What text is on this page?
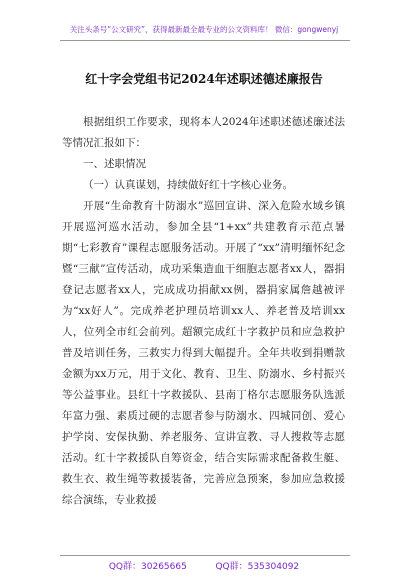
关注头条号“公文研究”，获得最新最全最专业的公文资料库！ 微信：gongwenyj
红十字会党组书记2024年述职述德述廉报告

根据组织工作要求，现将本人2024年述职述德述廉述法等情况汇报如下：

一、述职情况

（一）认真谋划，持续做好红十字核心业务。

开展“生命教育十防溺水”巡回宣讲、深入危险水域乡镇开展巡河巡水活动，参加全县“1+xx”共建教育示范点暑期“七彩教育”课程志愿服务活动。开展了“xx”清明缅怀纪念暨“三献”宣传活动，成功采集造血干细胞志愿者xx人，器捐登记志愿者xx人，完成成功捐献xx例，器捐家属詹越被评为“xx好人”。完成养老护理员培训xx人、养老普及培训xx人，位列全市红会前列。超额完成红十字救护员和应急救护普及培训任务，三救实力得到大幅提升。全年共收到捐赠款金额为xx万元，用于文化、教育、卫生、防溺水、乡村振兴等公益事业。县红十字救援队、县南丁格尔志愿服务队选派年富力强、素质过硬的志愿者参与防溺水、四城同创、爱心护学岗、安保执勤、养老服务、宣讲宣教、寻人搜救等志愿活动。红十字救援队自筹资金，结合实际需求配备救生艇、救生衣、救生绳等救援装备，完善应急预案，参加应急救援综合演练，专业救援

QQ群：30265665	QQ群：535304092
